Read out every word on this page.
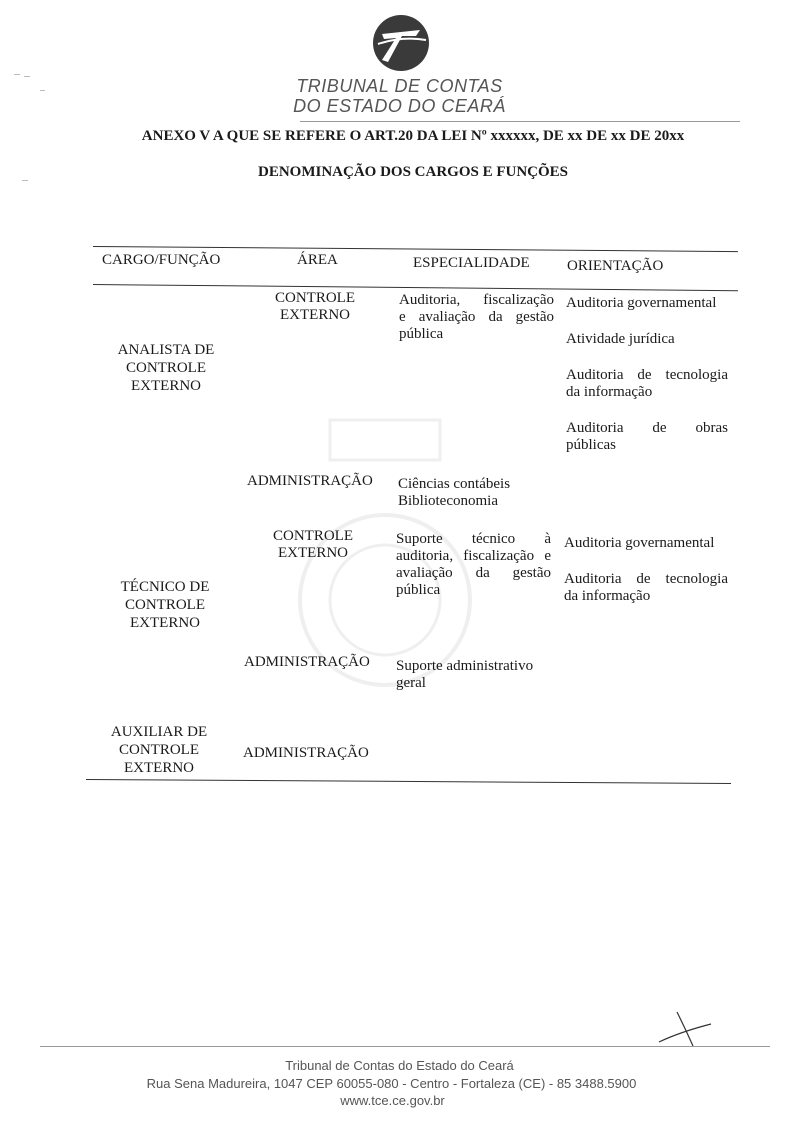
TRIBUNAL DE CONTAS
DO ESTADO DO CEARÁ
ANEXO V A QUE SE REFERE O ART.20 DA LEI Nº xxxxxx, DE xx DE xx DE 20xx
DENOMINAÇÃO DOS CARGOS E FUNÇÕES
CARGO/FUNÇÃO	ÁREA	ESPECIALIDADE ORIENTAÇÃO
ANALISTA DE
CONTROLE
EXTERNO
CONTROLE
EXTERNO
Auditoria, fiscalização
e avaliação da gestão
pública
Auditoria governamental
Atividade jurídica
Auditoria de tecnologia
da informação
Auditoria de obras
públicas
ADMINISTRAÇÃO Ciências contábeis
Biblioteconomia
TÉCNICO DE
CONTROLE
EXTERNO
CONTROLE
EXTERNO
Suporte técnico à
auditoria, fiscalização e
avaliação da gestão
pública
Auditoria governamental
Auditoria de tecnologia
da informação
ADMINISTRAÇÃO Suporte administrativo
geral
AUXILIAR DE
CONTROLE
EXTERNO
ADMINISTRAÇÃO
Tribunal de Contas do Estado do Ceará
Rua Sena Madureira, 1047 CEP 60055-080 - Centro - Fortaleza (CE) - 85 3488.5900
www.tce.ce.gov.br
